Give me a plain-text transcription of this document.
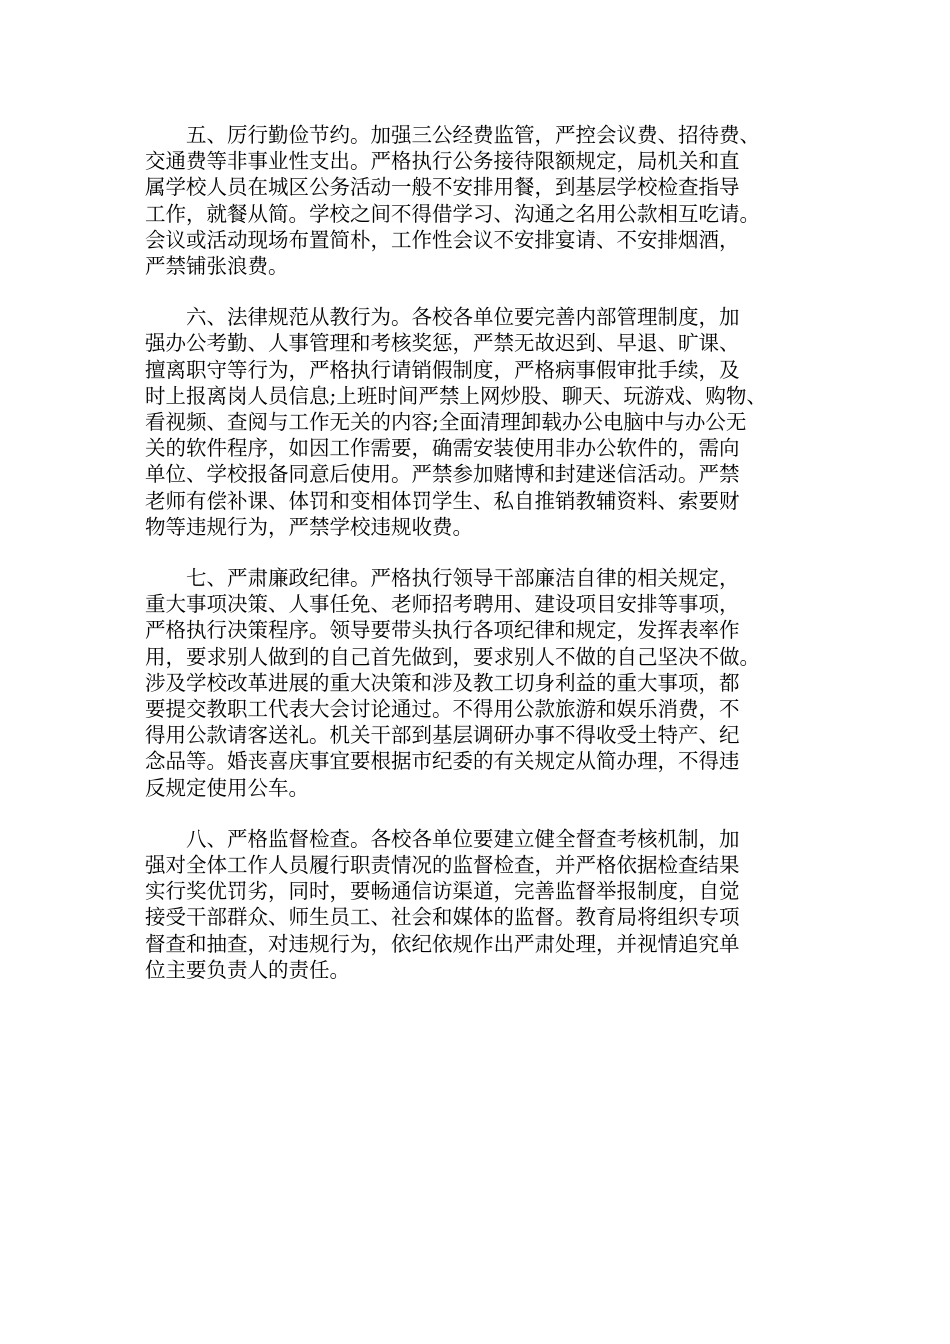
五、厉行勤俭节约。加强三公经费监管，严控会议费、招待费、
交通费等非事业性支出。严格执行公务接待限额规定，局机关和直
属学校人员在城区公务活动一般不安排用餐，到基层学校检查指导
工作，就餐从简。学校之间不得借学习、沟通之名用公款相互吃请。
会议或活动现场布置简朴，工作性会议不安排宴请、不安排烟酒，
严禁铺张浪费。

六、法律规范从教行为。各校各单位要完善内部管理制度，加
强办公考勤、人事管理和考核奖惩，严禁无故迟到、早退、旷课、
擅离职守等行为，严格执行请销假制度，严格病事假审批手续，及
时上报离岗人员信息;上班时间严禁上网炒股、聊天、玩游戏、购物、
看视频、查阅与工作无关的内容;全面清理卸载办公电脑中与办公无
关的软件程序，如因工作需要，确需安装使用非办公软件的，需向
单位、学校报备同意后使用。严禁参加赌博和封建迷信活动。严禁
老师有偿补课、体罚和变相体罚学生、私自推销教辅资料、索要财
物等违规行为，严禁学校违规收费。

七、严肃廉政纪律。严格执行领导干部廉洁自律的相关规定，
重大事项决策、人事任免、老师招考聘用、建设项目安排等事项，
严格执行决策程序。领导要带头执行各项纪律和规定，发挥表率作
用，要求别人做到的自己首先做到，要求别人不做的自己坚决不做。
涉及学校改革进展的重大决策和涉及教工切身利益的重大事项，都
要提交教职工代表大会讨论通过。不得用公款旅游和娱乐消费，不
得用公款请客送礼。机关干部到基层调研办事不得收受土特产、纪
念品等。婚丧喜庆事宜要根据市纪委的有关规定从简办理，不得违
反规定使用公车。

八、严格监督检查。各校各单位要建立健全督查考核机制，加
强对全体工作人员履行职责情况的监督检查，并严格依据检查结果
实行奖优罚劣，同时，要畅通信访渠道，完善监督举报制度，自觉
接受干部群众、师生员工、社会和媒体的监督。教育局将组织专项
督查和抽查，对违规行为，依纪依规作出严肃处理，并视情追究单
位主要负责人的责任。
